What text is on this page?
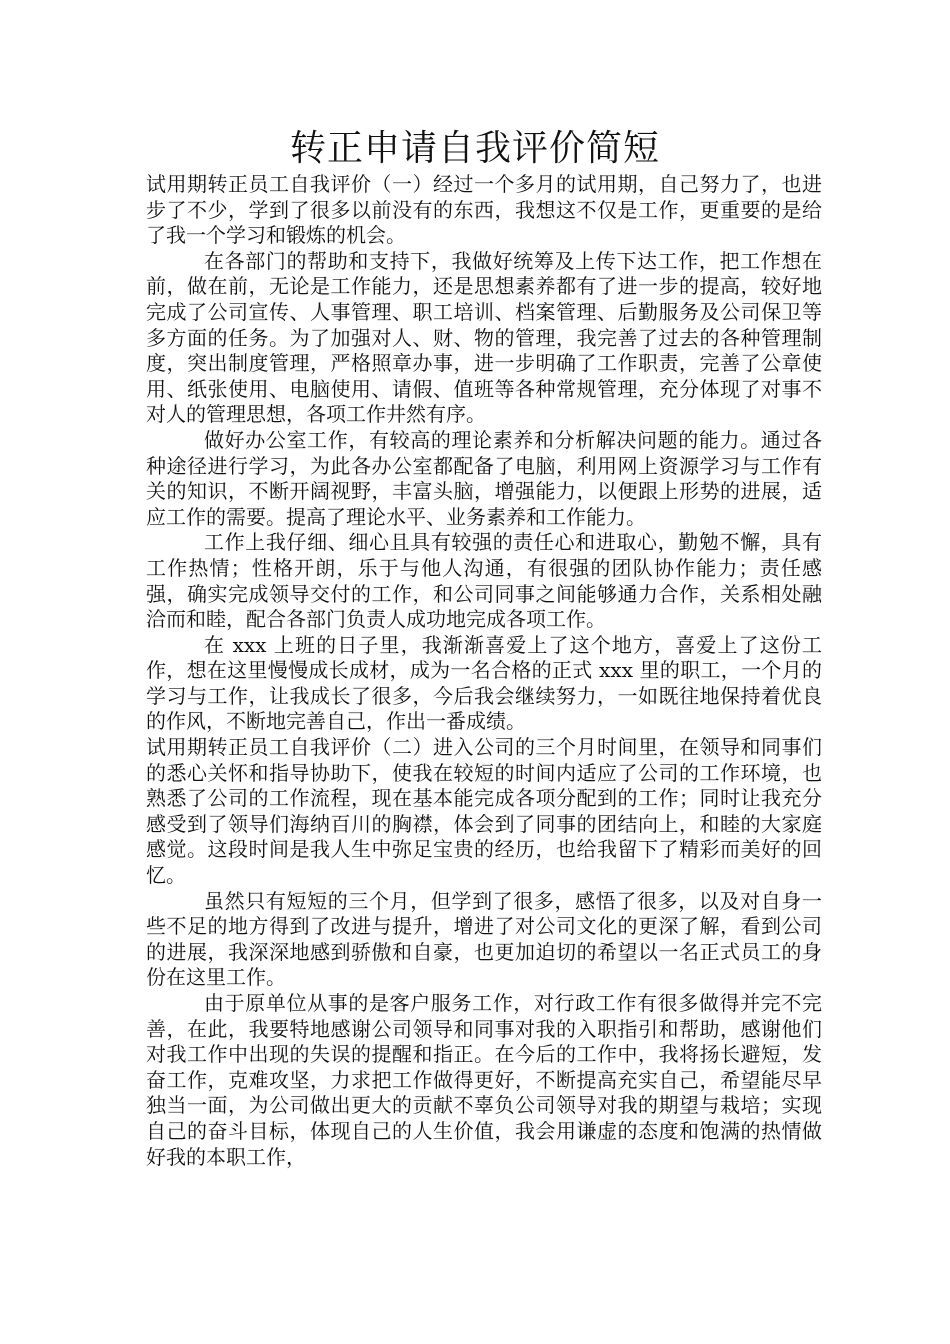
转正申请自我评价简短

试用期转正员工自我评价（一）经过一个多月的试用期，自己努力了，也进步了不少，学到了很多以前没有的东西，我想这不仅是工作，更重要的是给了我一个学习和锻炼的机会。

在各部门的帮助和支持下，我做好统筹及上传下达工作，把工作想在前，做在前，无论是工作能力，还是思想素养都有了进一步的提高，较好地完成了公司宣传、人事管理、职工培训、档案管理、后勤服务及公司保卫等多方面的任务。为了加强对人、财、物的管理，我完善了过去的各种管理制度，突出制度管理，严格照章办事，进一步明确了工作职责，完善了公章使用、纸张使用、电脑使用、请假、值班等各种常规管理，充分体现了对事不对人的管理思想，各项工作井然有序。

做好办公室工作，有较高的理论素养和分析解决问题的能力。通过各种途径进行学习，为此各办公室都配备了电脑，利用网上资源学习与工作有关的知识，不断开阔视野，丰富头脑，增强能力，以便跟上形势的进展，适应工作的需要。提高了理论水平、业务素养和工作能力。

工作上我仔细、细心且具有较强的责任心和进取心，勤勉不懈，具有工作热情；性格开朗，乐于与他人沟通，有很强的团队协作能力；责任感强，确实完成领导交付的工作，和公司同事之间能够通力合作，关系相处融洽而和睦，配合各部门负责人成功地完成各项工作。

在 xxx 上班的日子里，我渐渐喜爱上了这个地方，喜爱上了这份工作，想在这里慢慢成长成材，成为一名合格的正式 xxx 里的职工，一个月的学习与工作，让我成长了很多，今后我会继续努力，一如既往地保持着优良的作风，不断地完善自己，作出一番成绩。

试用期转正员工自我评价（二）进入公司的三个月时间里，在领导和同事们的悉心关怀和指导协助下，使我在较短的时间内适应了公司的工作环境，也熟悉了公司的工作流程，现在基本能完成各项分配到的工作；同时让我充分感受到了领导们海纳百川的胸襟，体会到了同事的团结向上，和睦的大家庭感觉。这段时间是我人生中弥足宝贵的经历，也给我留下了精彩而美好的回忆。

虽然只有短短的三个月，但学到了很多，感悟了很多，以及对自身一些不足的地方得到了改进与提升，增进了对公司文化的更深了解，看到公司的进展，我深深地感到骄傲和自豪，也更加迫切的希望以一名正式员工的身份在这里工作。

由于原单位从事的是客户服务工作，对行政工作有很多做得并完不完善，在此，我要特地感谢公司领导和同事对我的入职指引和帮助，感谢他们对我工作中出现的失误的提醒和指正。在今后的工作中，我将扬长避短，发奋工作，克难攻坚，力求把工作做得更好，不断提高充实自己，希望能尽早独当一面，为公司做出更大的贡献不辜负公司领导对我的期望与栽培；实现自己的奋斗目标，体现自己的人生价值，我会用谦虚的态度和饱满的热情做好我的本职工作，
